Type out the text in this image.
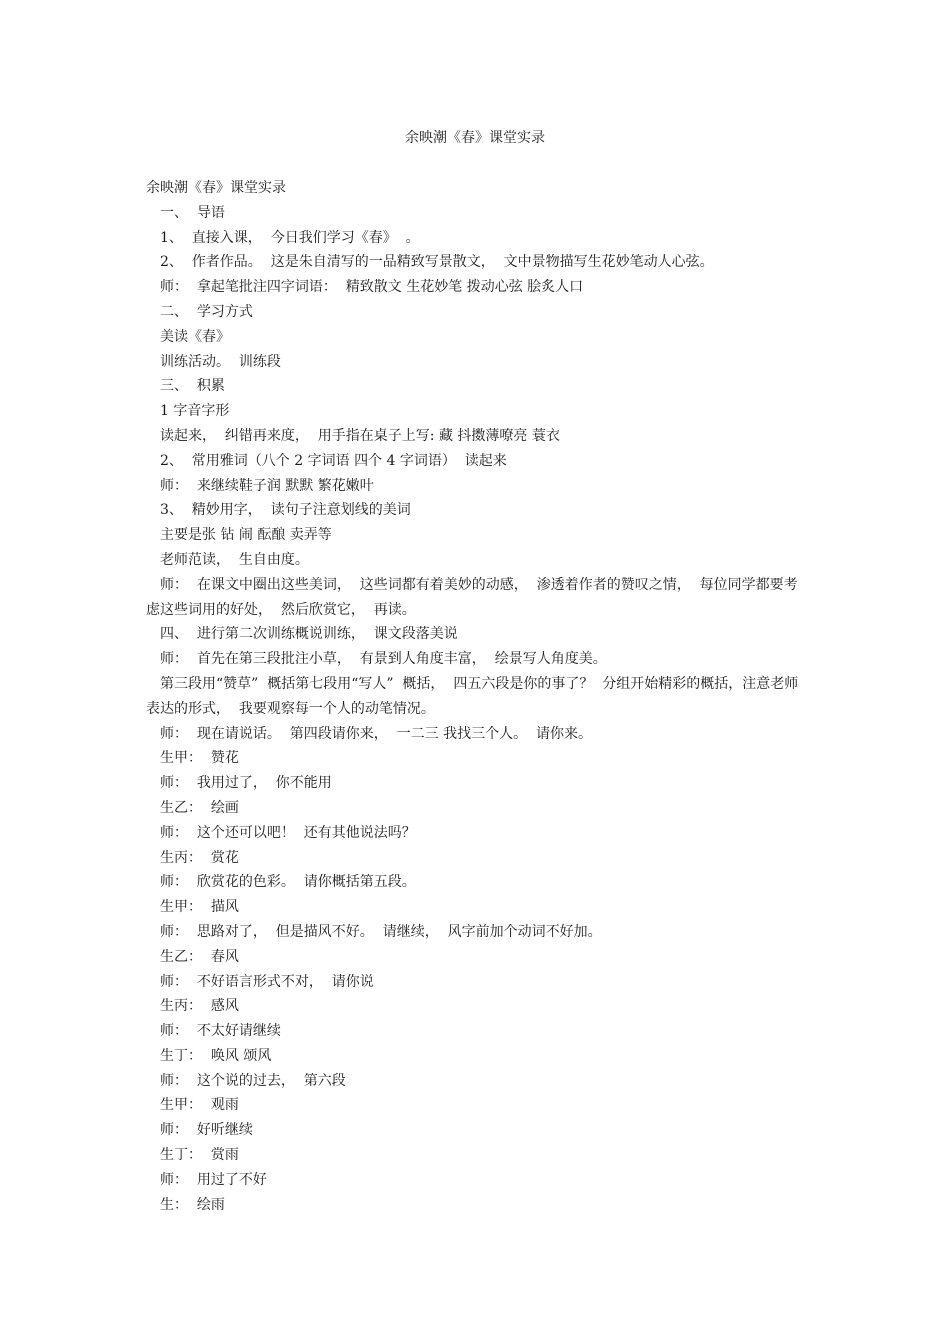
余映潮《春》课堂实录

余映潮《春》课堂实录

一、  导语

1、  直接入课，  今日我们学习《春》  。

2、  作者作品。  这是朱自清写的一品精致写景散文，  文中景物描写生花妙笔动人心弦。

师：  拿起笔批注四字词语：  精致散文 生花妙笔 拨动心弦 脍炙人口

二、  学习方式

美读《春》

训练活动。  训练段

三、  积累

1 字音字形

读起来，  纠错再来度，  用手指在桌子上写: 藏 抖擞薄嘹亮 蓑衣

2、  常用雅词（八个 2 字词语 四个 4 字词语）  读起来

师：  来继续鞋子润 默默 繁花嫩叶

3、  精妙用字，  读句子注意划线的美词

主要是张 钻 闹 酝酿 卖弄等

老师范读，  生自由度。

师：  在课文中圈出这些美词，  这些词都有着美妙的动感，  渗透着作者的赞叹之情，  每位同学都要考虑这些词用的好处，  然后欣赏它，  再读。

四、  进行第二次训练概说训练，  课文段落美说

师：  首先在第三段批注小草，  有景到人角度丰富，  绘景写人角度美。

第三段用“赞草”  概括第七段用“写人”  概括，  四五六段是你的事了？  分组开始精彩的概括，注意老师表达的形式，  我要观察每一个人的动笔情况。

师：  现在请说话。  第四段请你来，  一二三 我找三个人。  请你来。

生甲：  赞花

师：  我用过了，  你不能用

生乙：  绘画

师：  这个还可以吧！  还有其他说法吗？

生丙：  赏花

师：  欣赏花的色彩。  请你概括第五段。

生甲：  描风

师：  思路对了，  但是描风不好。  请继续，  风字前加个动词不好加。

生乙：  春风

师：  不好语言形式不对，  请你说

生丙：  感风

师：  不太好请继续

生丁：  唤风 颂风

师：  这个说的过去，  第六段

生甲：  观雨

师：  好听继续

生丁：  赏雨

师：  用过了不好

生：  绘雨
